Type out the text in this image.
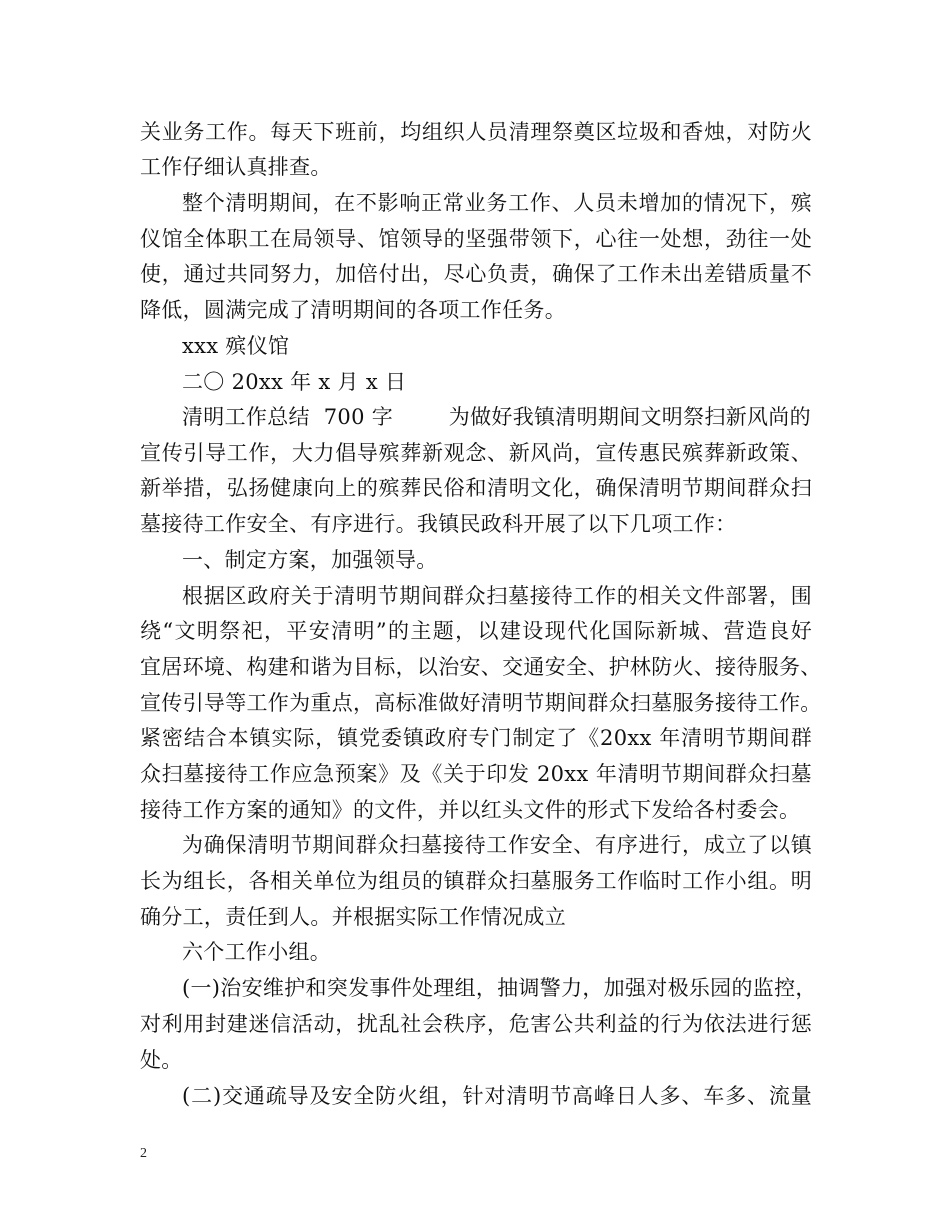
关业务工作。每天下班前，均组织人员清理祭奠区垃圾和香烛，对防火
工作仔细认真排查。
整个清明期间，在不影响正常业务工作、人员未增加的情况下，殡
仪馆全体职工在局领导、馆领导的坚强带领下，心往一处想，劲往一处
使，通过共同努力，加倍付出，尽心负责，确保了工作未出差错质量不
降低，圆满完成了清明期间的各项工作任务。
xxx 殡仪馆
二〇 20xx 年 x 月 x 日
清明工作总结  700 字        为做好我镇清明期间文明祭扫新风尚的
宣传引导工作，大力倡导殡葬新观念、新风尚，宣传惠民殡葬新政策、
新举措，弘扬健康向上的殡葬民俗和清明文化，确保清明节期间群众扫
墓接待工作安全、有序进行。我镇民政科开展了以下几项工作：
一、制定方案，加强领导。
根据区政府关于清明节期间群众扫墓接待工作的相关文件部署，围
绕“文明祭祀，平安清明”的主题，以建设现代化国际新城、营造良好
宜居环境、构建和谐为目标，以治安、交通安全、护林防火、接待服务、
宣传引导等工作为重点，高标准做好清明节期间群众扫墓服务接待工作。
紧密结合本镇实际，镇党委镇政府专门制定了《20xx 年清明节期间群
众扫墓接待工作应急预案》及《关于印发 20xx 年清明节期间群众扫墓
接待工作方案的通知》的文件，并以红头文件的形式下发给各村委会。
为确保清明节期间群众扫墓接待工作安全、有序进行，成立了以镇
长为组长，各相关单位为组员的镇群众扫墓服务工作临时工作小组。明
确分工，责任到人。并根据实际工作情况成立
六个工作小组。
(一)治安维护和突发事件处理组，抽调警力，加强对极乐园的监控，
对利用封建迷信活动，扰乱社会秩序，危害公共利益的行为依法进行惩
处。
(二)交通疏导及安全防火组，针对清明节高峰日人多、车多、流量
2
